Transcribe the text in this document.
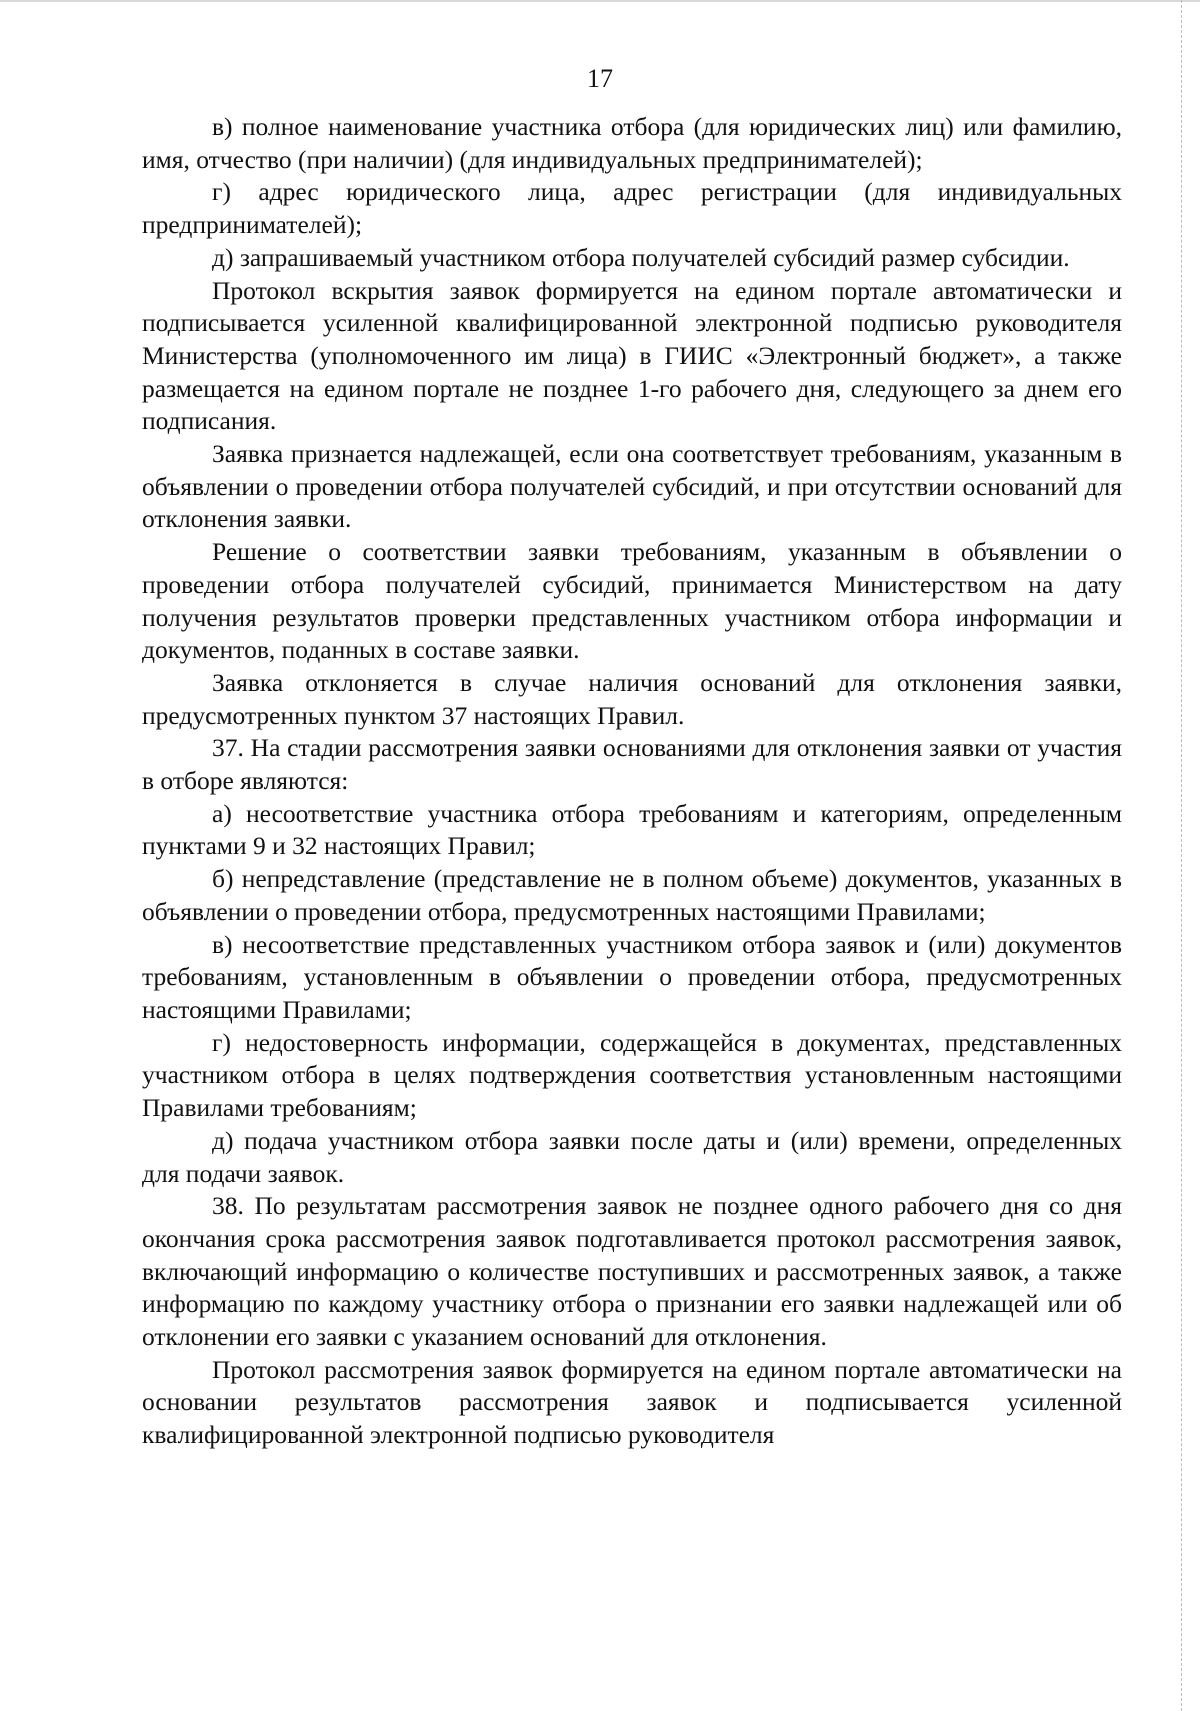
17

в) полное наименование участника отбора (для юридических лиц) или фамилию, имя, отчество (при наличии) (для индивидуальных предпринимателей);

г) адрес юридического лица, адрес регистрации (для индивидуальных предпринимателей);

д) запрашиваемый участником отбора получателей субсидий размер субсидии.

Протокол вскрытия заявок формируется на едином портале автоматически и подписывается усиленной квалифицированной электронной подписью руководителя Министерства (уполномоченного им лица) в ГИИС «Электронный бюджет», а также размещается на едином портале не позднее 1-го рабочего дня, следующего за днем его подписания.

Заявка признается надлежащей, если она соответствует требованиям, указанным в объявлении о проведении отбора получателей субсидий, и при отсутствии оснований для отклонения заявки.

Решение о соответствии заявки требованиям, указанным в объявлении о проведении отбора получателей субсидий, принимается Министерством на дату получения результатов проверки представленных участником отбора информации и документов, поданных в составе заявки.

Заявка отклоняется в случае наличия оснований для отклонения заявки, предусмотренных пунктом 37 настоящих Правил.

37. На стадии рассмотрения заявки основаниями для отклонения заявки от участия в отборе являются:

а) несоответствие участника отбора требованиям и категориям, определенным пунктами 9 и 32 настоящих Правил;

б) непредставление (представление не в полном объеме) документов, указанных в объявлении о проведении отбора, предусмотренных настоящими Правилами;

в) несоответствие представленных участником отбора заявок и (или) документов требованиям, установленным в объявлении о проведении отбора, предусмотренных настоящими Правилами;

г) недостоверность информации, содержащейся в документах, представленных участником отбора в целях подтверждения соответствия установленным настоящими Правилами требованиям;

д) подача участником отбора заявки после даты и (или) времени, определенных для подачи заявок.

38. По результатам рассмотрения заявок не позднее одного рабочего дня со дня окончания срока рассмотрения заявок подготавливается протокол рассмотрения заявок, включающий информацию о количестве поступивших и рассмотренных заявок, а также информацию по каждому участнику отбора о признании его заявки надлежащей или об отклонении его заявки с указанием оснований для отклонения.

Протокол рассмотрения заявок формируется на едином портале автоматически на основании результатов рассмотрения заявок и подписывается усиленной квалифицированной электронной подписью руководителя
